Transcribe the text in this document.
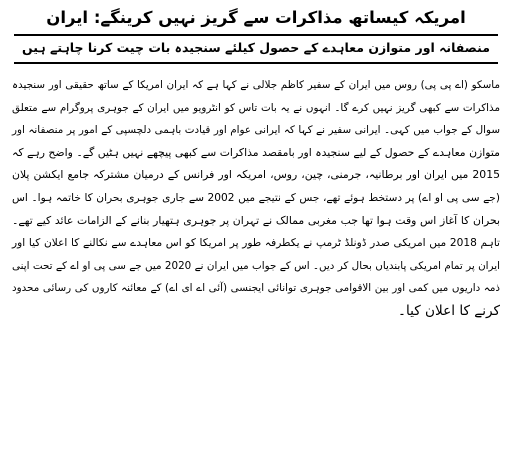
امریکہ کیساتھ مذاکرات سے گریز نہیں کرینگے: ایران
منصفانہ اور متوازن معاہدے کے حصول کیلئے سنجیدہ بات چیت کرنا چاہتے ہیں
ماسکو (اے پی پی) روس میں ایران کے سفیر کاظم جلالی نے کہا ہے کہ ایران امریکا کے ساتھ حقیقی اور سنجیدہ
مذاکرات سے کبھی گریز نہیں کرے گا۔ انہوں نے یہ بات تاس کو انٹرویو میں ایران کے جوہری پروگرام سے متعلق
سوال کے جواب میں کہی۔ ایرانی سفیر نے کہا کہ ایرانی عوام اور قیادت باہمی دلچسپی کے امور پر منصفانہ اور
متوازن معاہدے کے حصول کے لیے سنجیدہ اور بامقصد مذاکرات سے کبھی پیچھے نہیں ہٹیں گے۔ واضح رہے کہ
2015 میں ایران اور برطانیہ، جرمنی، چین، روس، امریکہ اور فرانس کے درمیان مشترکہ جامع ایکشن پلان
(جے سی پی او اے) پر دستخط ہوئے تھے، جس کے نتیجے میں 2002 سے جاری جوہری بحران کا خاتمہ ہوا۔ اس
بحران کا آغاز اس وقت ہوا تھا جب مغربی ممالک نے تہران پر جوہری ہتھیار بنانے کے الزامات عائد کیے تھے۔
تاہم 2018 میں امریکی صدر ڈونلڈ ٹرمپ نے یکطرفہ طور پر امریکا کو اس معاہدے سے نکالنے کا اعلان کیا اور
ایران پر تمام امریکی پابندیاں بحال کر دیں۔ اس کے جواب میں ایران نے 2020 میں جے سی پی او اے کے تحت اپنی
ذمہ داریوں میں کمی اور بین الاقوامی جوہری توانائی ایجنسی (آئی اے ای اے) کے معائنہ کاروں کی رسائی محدود
کرنے کا اعلان کیا۔
